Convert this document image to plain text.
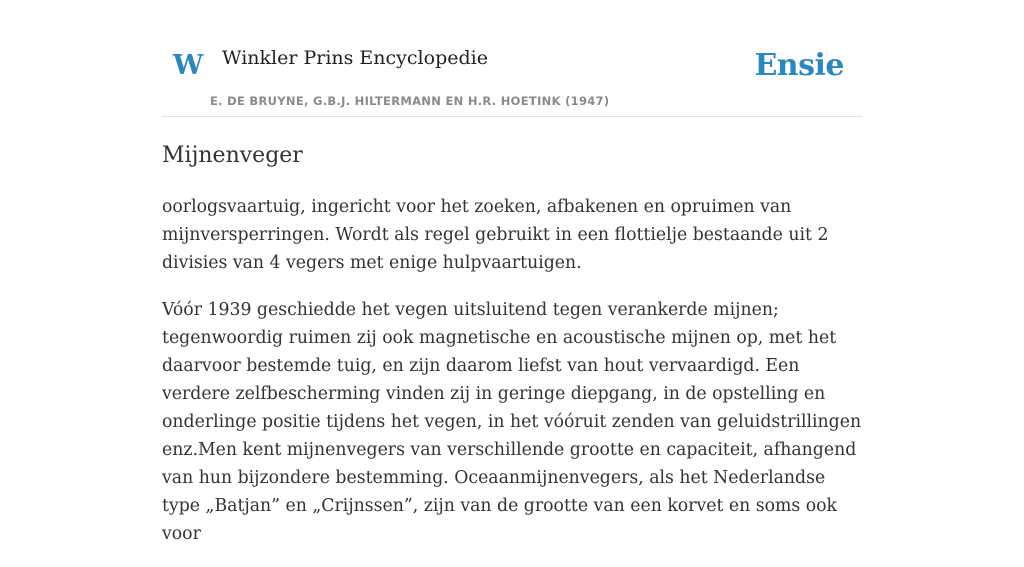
W Winkler Prins Encyclopedie
E. DE BRUYNE, G.B.J. HILTERMANN EN H.R. HOETINK (1947)
Ensie
Mijnenveger

oorlogsvaartuig, ingericht voor het zoeken, afbakenen en opruimen van mijnversperringen. Wordt als regel gebruikt in een flottielje bestaande uit 2 divisies van 4 vegers met enige hulpvaartuigen.

Vóór 1939 geschiedde het vegen uitsluitend tegen verankerde mijnen; tegenwoordig ruimen zij ook magnetische en acoustische mijnen op, met het daarvoor bestemde tuig, en zijn daarom liefst van hout vervaardigd. Een verdere zelfbescherming vinden zij in geringe diepgang, in de opstelling en onderlinge positie tijdens het vegen, in het vóóruit zenden van geluidstrillingen enz.Men kent mijnenvegers van verschillende grootte en capaciteit, afhangend van hun bijzondere bestemming. Oceaanmijnenvegers, als het Nederlandse type „Batjan” en „Crijnssen”, zijn van de grootte van een korvet en soms ook voor
